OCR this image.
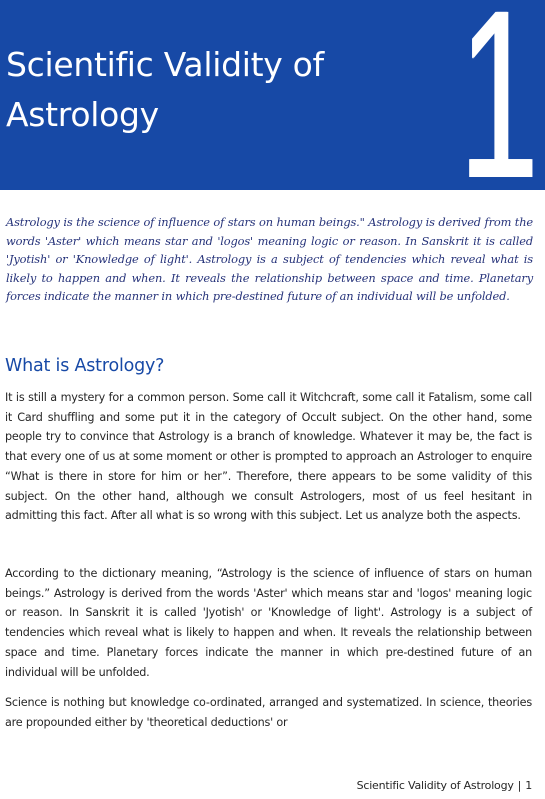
Scientific Validity of
Astrology	1

Astrology is the science of influence of stars on human beings." Astrology is derived from the words 'Aster' which means star and 'logos' meaning logic or reason. In Sanskrit it is called 'Jyotish' or 'Knowledge of light'. Astrology is a subject of tendencies which reveal what is likely to happen and when. It reveals the relationship between space and time. Planetary forces indicate the manner in which pre-destined future of an individual will be unfolded.

What is Astrology?

It is still a mystery for a common person. Some call it Witchcraft, some call it Fatalism, some call it Card shuffling and some put it in the category of Occult subject. On the other hand, some people try to convince that Astrology is a branch of knowledge. Whatever it may be, the fact is that every one of us at some moment or other is prompted to approach an Astrologer to enquire “What is there in store for him or her”. Therefore, there appears to be some validity of this subject. On the other hand, although we consult Astrologers, most of us feel hesitant in admitting this fact. After all what is so wrong with this subject. Let us analyze both the aspects.

According to the dictionary meaning, “Astrology is the science of influence of stars on human beings.” Astrology is derived from the words 'Aster' which means star and 'logos' meaning logic or reason. In Sanskrit it is called 'Jyotish' or 'Knowledge of light'. Astrology is a subject of tendencies which reveal what is likely to happen and when. It reveals the relationship between space and time. Planetary forces indicate the manner in which pre-destined future of an individual will be unfolded.

Science is nothing but knowledge co-ordinated, arranged and systematized. In science, theories are propounded either by 'theoretical deductions' or

Scientific Validity of Astrology | 1
